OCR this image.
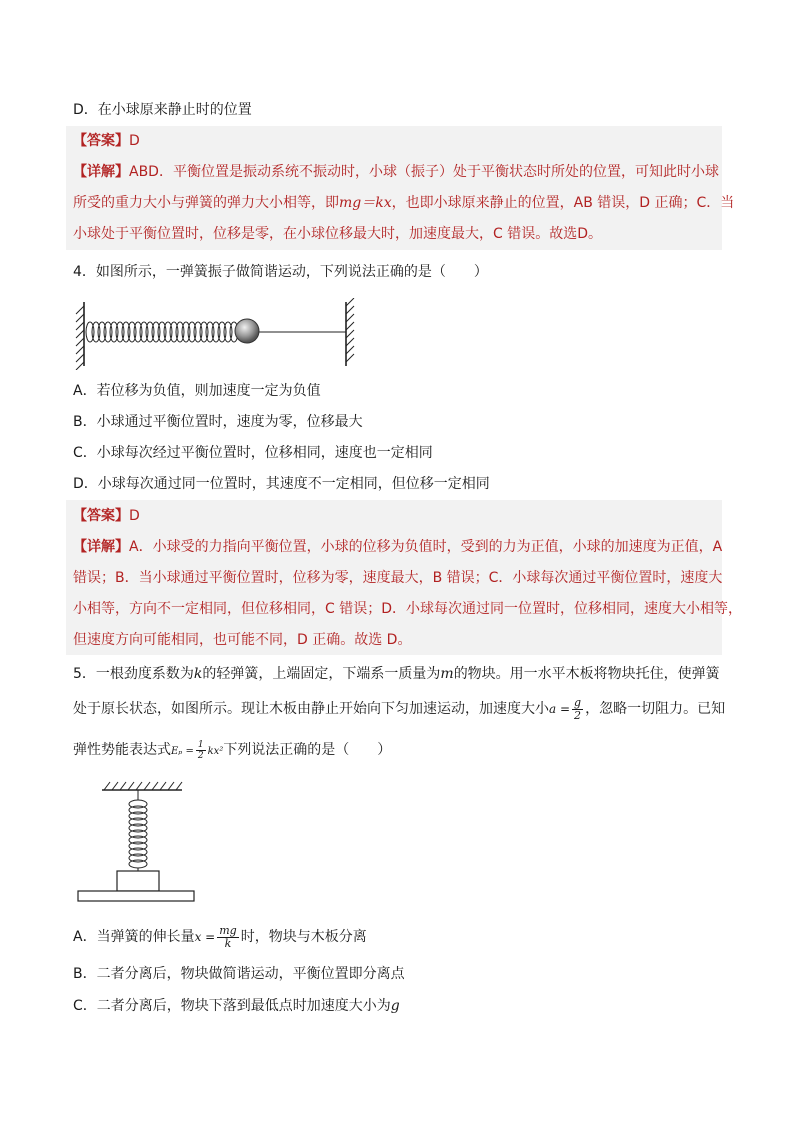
D．在小球原来静止时的位置
【答案】D
【详解】ABD．平衡位置是振动系统不振动时，小球（振子）处于平衡状态时所处的位置，可知此时小球
所受的重力大小与弹簧的弹力大小相等，即mg＝kx，也即小球原来静止的位置，AB 错误，D 正确；C．当
小球处于平衡位置时，位移是零，在小球位移最大时，加速度最大，C 错误。故选D。
4．如图所示，一弹簧振子做简谐运动，下列说法正确的是（　　）
A．若位移为负值，则加速度一定为负值
B．小球通过平衡位置时，速度为零，位移最大
C．小球每次经过平衡位置时，位移相同，速度也一定相同
D．小球每次通过同一位置时，其速度不一定相同，但位移一定相同
【答案】D
【详解】A．小球受的力指向平衡位置，小球的位移为负值时，受到的力为正值，小球的加速度为正值，A
错误；B．当小球通过平衡位置时，位移为零，速度最大，B 错误；C．小球每次通过平衡位置时，速度大
小相等，方向不一定相同，但位移相同，C 错误；D．小球每次通过同一位置时，位移相同，速度大小相等，
但速度方向可能相同，也可能不同，D 正确。故选 D。
5．一根劲度系数为k的轻弹簧，上端固定，下端系一质量为m的物块。用一水平木板将物块托住，使弹簧
处于原长状态，如图所示。现让木板由静止开始向下匀加速运动，加速度大小$a = \frac{g}{2}$ ，忽略一切阻力。已知
弹性势能表达式$E_p = \frac{1}{2} kx^2$下列说法正确的是（　　）
A．当弹簧的伸长量$x = \frac{mg}{k}$ 时，物块与木板分离
B．二者分离后，物块做简谐运动，平衡位置即分离点
C．二者分离后，物块下落到最低点时加速度大小为g
